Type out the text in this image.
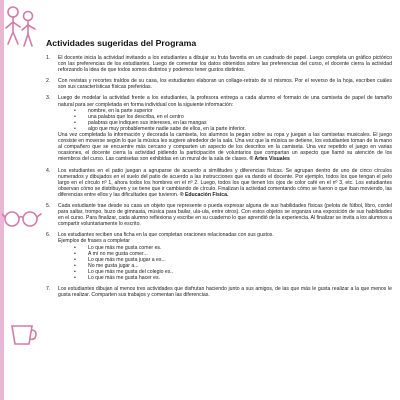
Actividades sugeridas del Programa
1. El docente inicia la actividad invitando a los estudiantes a dibujar su fruta favorita en un cuadrado de papel. Luego completa un gráfico pictórico con las preferencias de los estudiantes. Luego de comentar los datos obtenidos sobre las preferencias del curso, el docente cierra la actividad reforzando la idea de que todos somos distintos y podemos tener gustos distintos.

2. Con revistas y recortes traídos de su casa, los estudiantes elaboran un collage-retrato de sí mismos. Por el reverso de la hoja, escriben cuáles son sus características físicas preferidas.

3. Luego de modelar la actividad frente a los estudiantes, la profesora entrega a cada alumno el formato de una camiseta de papel de tamaño natural para ser completada en forma individual con la siguiente información:

• nombre, en la parte superior
• una palabra que los describa, en el centro
• palabras que indiquen sus intereses, en las mangas
• algo que muy probablemente nadie sabe de ellos, en la parte inferior.

Una vez completada la información y decorada la camiseta, los alumnos la pegan sobre su ropa y juegan a las camisetas musicales. El juego consiste en moverse según lo que la música les sugiere alrededor de la sala. Una vez que la música se detiene, los estudiantes toman de la mano al compañero que se encuentre más cercano y comparten un aspecto de los descritos en la camiseta. Una vez repetido el juego en varias ocasiones, el docente cierra la actividad pidiendo la participación de voluntarios que compartan un aspecto que llamó su atención de los miembros del curso. Las camisetas son exhibidas en un mural de la sala de clases. ® Artes Visuales

4. Los estudiantes en el patio juegan a agruparse de acuerdo a similitudes y diferencias físicas. Se agrupan dentro de uno de cinco círculos numerados y dibujados en el suelo del patio de acuerdo a las instrucciones que va dando el docente. Por ejemplo, todos los que tengan el pelo largo en el círculo nº 1, ahora todos los hombres en el nº 2. Luego, todos los que tienen los ojos de color café en el nº 3, etc. Los estudiantes observan cómo se distribuyen y se tiene que ir cambiando de círculo. Finalizan la actividad comentando cómo se fueron o que iban moviendo, las diferencias entre ellos y las dificultades que tuvieron. ® Educación Física.

5. Cada estudiante trae desde su casa un objeto que represente o pueda expresar alguna de sus habilidades físicas (pelota de fútbol, libro, cordel para saltar, trompo, buzo de gimnasia, música para bailar, ula-ula, entre otros). Con estos objetos se organiza una exposición de sus habilidades en el curso. Para finalizar, cada alumno reflexiona y escribe en su cuaderno lo que aprendió de la experiencia. Al finalizar se invita a los alumnos a compartir voluntariamente lo escrito.

6. Los estudiantes reciben una ficha en la que completan oraciones relacionadas con sus gustos.

Ejemplos de frases a completar

• Lo que más me gusta comer es.
• A mí no me gusta comer...
• Lo que más me gusta jugar a es...
• No me gusta jugar a...
• Lo que más me gusta del colegio es..
• Lo que más me gusta hacer es.
7. Los estudiantes dibujan al menos tres actividades que disfrutan haciendo junto a sus amigos, de las que más le gusta realizar a la que menos le gusta realizar. Comparten sus trabajos y comentan las diferencias.
